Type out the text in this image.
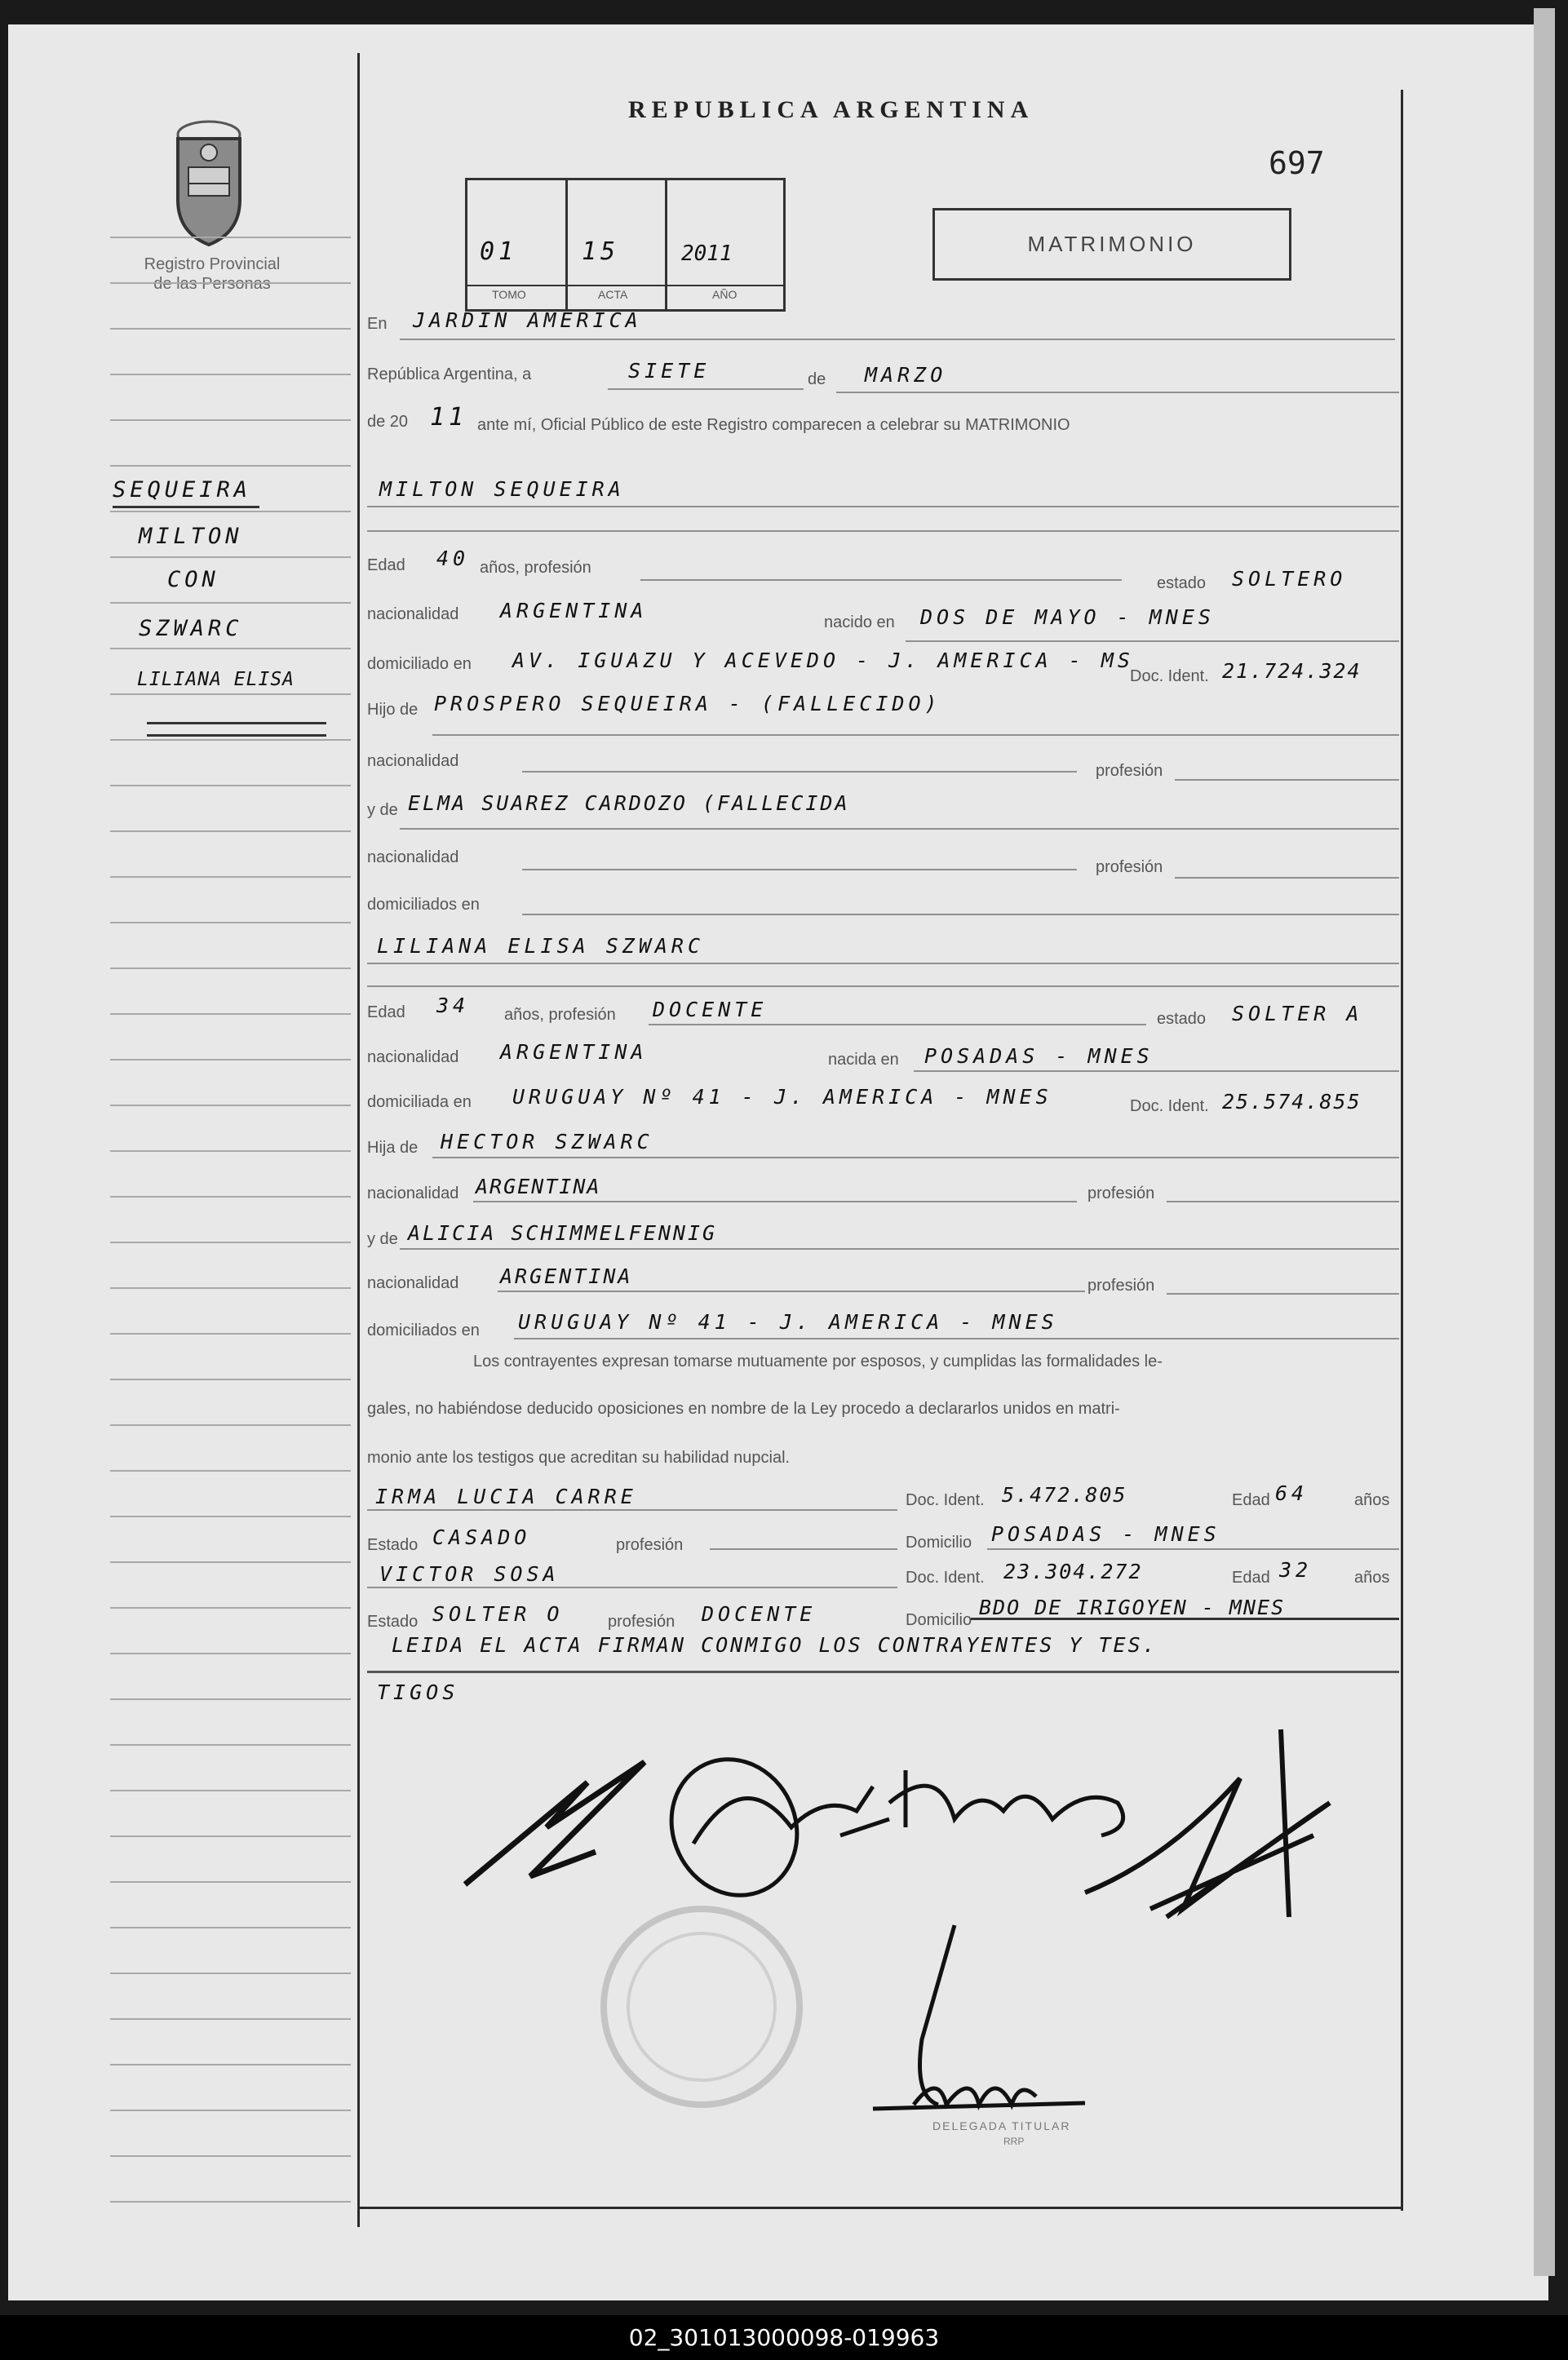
Registro Provincial
de las Personas
SEQUEIRA
MILTON
CON
SZWARC
LILIANA ELISA
REPUBLICA ARGENTINA
697
01	15	2011
TOMO	ACTA	AÑO
MATRIMONIO
En JARDIN AMERICA
República Argentina, a	SIETE	de MARZO
de 20 11 ante mí, Oficial Público de este Registro comparecen a celebrar su MATRIMONIO
MILTON SEQUEIRA
Edad 40 años, profesión
estado SOLTERO
nacionalidad ARGENTINA	nacido en DOS DE MAYO - MNES
domiciliado en AV. IGUAZU Y ACEVEDO - J. AMERICA - MS
Doc. Ident. 21.724.324
Hijo de PROSPERO SEQUEIRA - (FALLECIDO)
nacionalidad
profesión
y de ELMA SUAREZ CARDOZO (FALLECIDA
nacionalidad
profesión
domiciliados en
LILIANA ELISA SZWARC
Edad 34 años, profesión DOCENTE	estado SOLTER A
nacionalidad ARGENTINA	nacida en POSADAS - MNES
domiciliada en URUGUAY Nº 41 - J. AMERICA - MNES	Doc. Ident. 25.574.855
Hija de HECTOR SZWARC
nacionalidad ARGENTINA	profesión
y de ALICIA SCHIMMELFENNIG
nacionalidad ARGENTINA	profesión
domiciliados en URUGUAY Nº 41 - J. AMERICA - MNES
Los contrayentes expresan tomarse mutuamente por esposos, y cumplidas las formalidades le-
gales, no habiéndose deducido oposiciones en nombre de la Ley procedo a declararlos unidos en matri-
monio ante los testigos que acreditan su habilidad nupcial.
IRMA LUCIA CARRE	Doc. Ident. 5.472.805	Edad 64	años
Estado CASADO	profesión	Domicilio POSADAS - MNES
VICTOR SOSA	Doc. Ident. 23.304.272	Edad 32	años
Estado SOLTER O	profesión DOCENTE	Domicilio
BDO DE IRIGOYEN - MNES
LEIDA EL ACTA FIRMAN CONMIGO LOS CONTRAYENTES Y TES.
TIGOS
DELEGADA TITULAR
RRP
02_301013000098-019963
